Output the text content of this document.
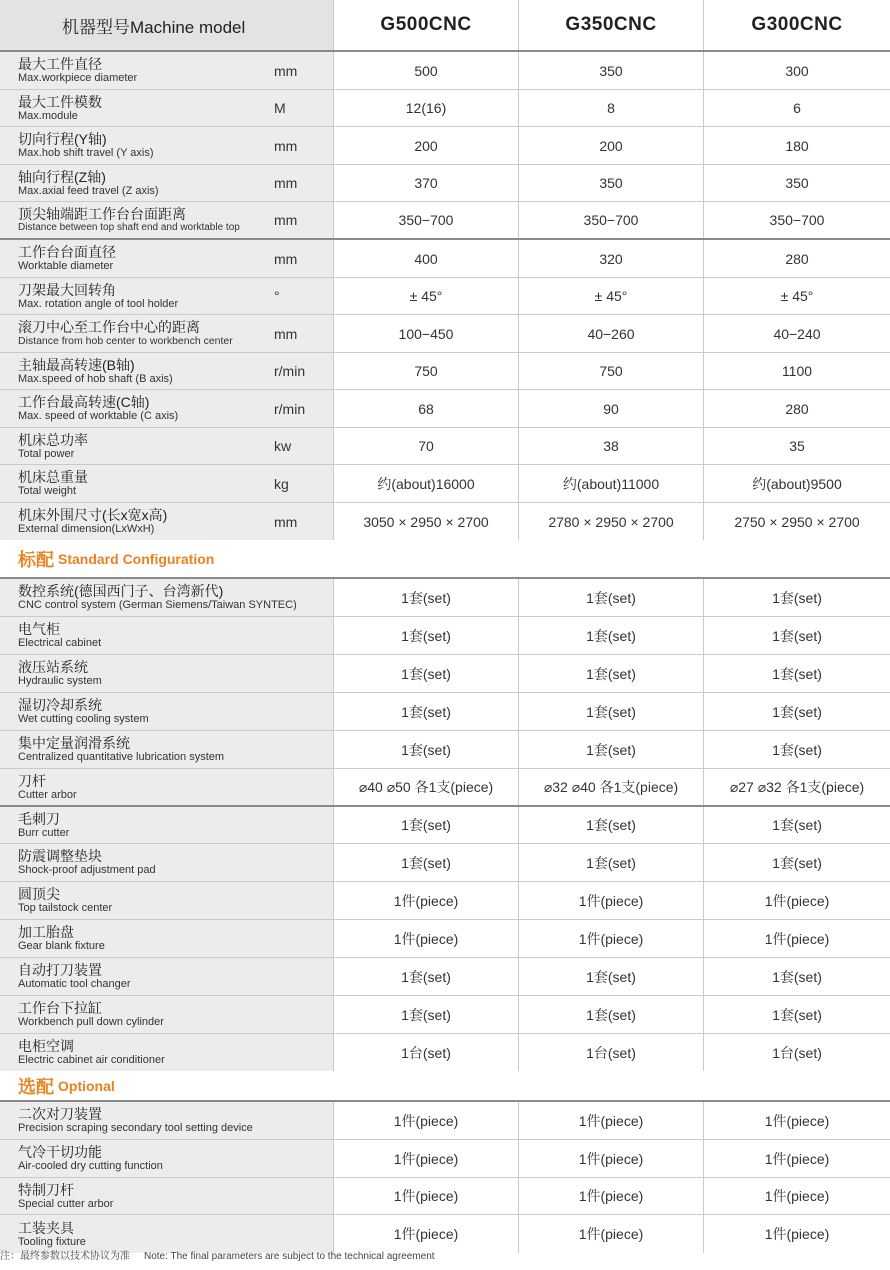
机器型号Machine model	G500CNC	G350CNC	G300CNC
最大工件直径
Max.workpiece diameter	mm	500	350	300
最大工件模数
Max.module	M	12(16)	8	6
切向行程(Y轴)
Max.hob shift travel (Y axis)	mm	200	200	180
轴向行程(Z轴)
Max.axial feed travel (Z axis)	mm	370	350	350
顶尖轴端距工作台台面距离
Distance between top shaft end and worktable top	mm	350−700	350−700	350−700
工作台台面直径
Worktable diameter	mm	400	320	280
刀架最大回转角
Max. rotation angle of tool holder	°	± 45°	± 45°	± 45°
滚刀中心至工作台中心的距离
Distance from hob center to workbench center	mm	100−450	40−260	40−240
主轴最高转速(B轴)
Max.speed of hob shaft (B axis)	r/min	750	750	1100
工作台最高转速(C轴)
Max. speed of worktable (C axis)	r/min	68	90	280
机床总功率
Total power	kw	70	38	35
机床总重量
Total weight	kg	约(about)16000	约(about)11000	约(about)9500
机床外围尺寸(长x宽x高)
External dimension(LxWxH)	mm	3050 × 2950 × 2700	2780 × 2950 × 2700	2750 × 2950 × 2700
标配 Standard Configuration
数控系统(德国西门子、台湾新代)
CNC control system (German Siemens/Taiwan SYNTEC)	1套(set)	1套(set)	1套(set)
电气柜
Electrical cabinet	1套(set)	1套(set)	1套(set)
液压站系统
Hydraulic system	1套(set)	1套(set)	1套(set)
湿切冷却系统
Wet cutting cooling system	1套(set)	1套(set)	1套(set)
集中定量润滑系统
Centralized quantitative lubrication system	1套(set)	1套(set)	1套(set)
刀杆
Cutter arbor	⌀40 ⌀50 各1支(piece)	⌀32 ⌀40 各1支(piece)	⌀27 ⌀32 各1支(piece)
毛刺刀
Burr cutter	1套(set)	1套(set)	1套(set)
防震调整垫块
Shock-proof adjustment pad	1套(set)	1套(set)	1套(set)
圆顶尖
Top tailstock center	1件(piece)	1件(piece)	1件(piece)
加工胎盘
Gear blank fixture	1件(piece)	1件(piece)	1件(piece)
自动打刀装置
Automatic tool changer	1套(set)	1套(set)	1套(set)
工作台下拉缸
Workbench pull down cylinder	1套(set)	1套(set)	1套(set)
电柜空调
Electric cabinet air conditioner	1台(set)	1台(set)	1台(set)
选配 Optional
二次对刀装置
Precision scraping secondary tool setting device	1件(piece)	1件(piece)	1件(piece)
气冷干切功能
Air-cooled dry cutting function	1件(piece)	1件(piece)	1件(piece)
特制刀杆
Special cutter arbor	1件(piece)	1件(piece)	1件(piece)
工装夹具
Tooling fixture	1件(piece)	1件(piece)	1件(piece)
注：最终参数以技术协议为准 Note: The final parameters are subject to the technical agreement
